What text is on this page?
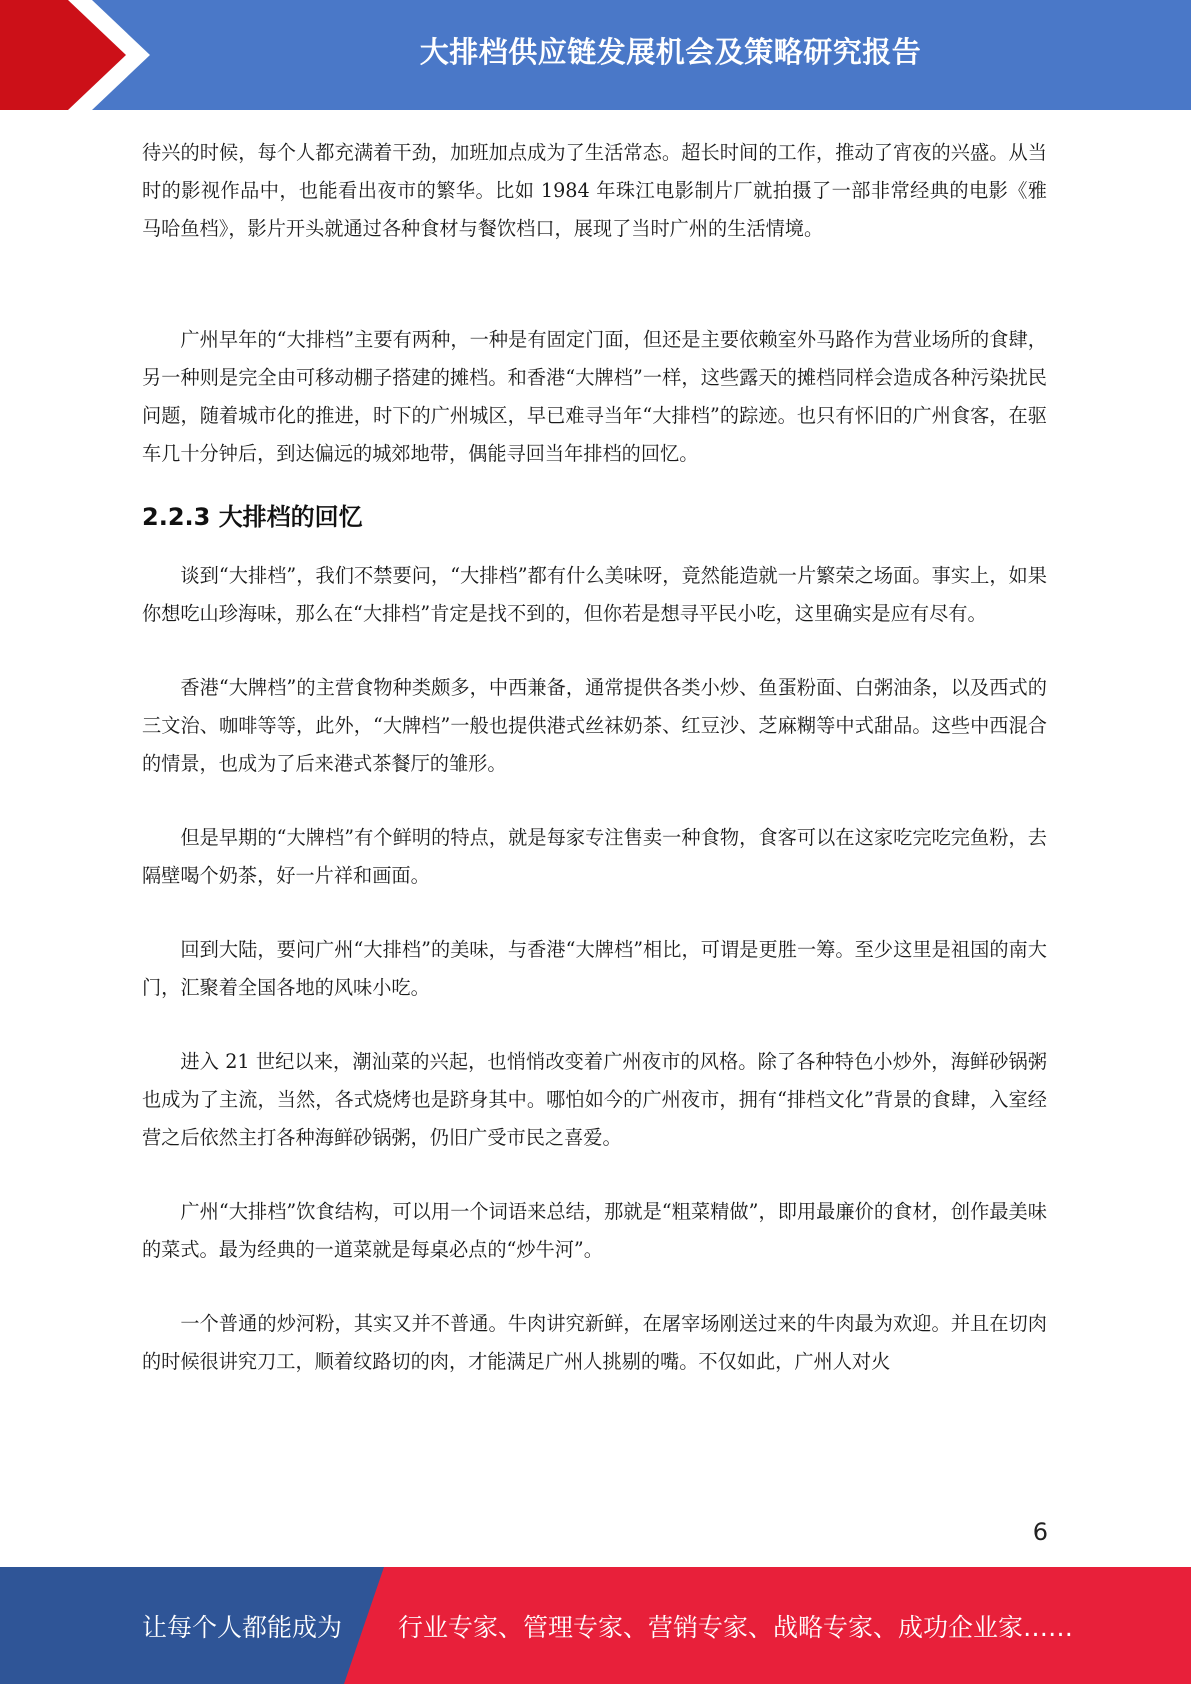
大排档供应链发展机会及策略研究报告

待兴的时候，每个人都充满着干劲，加班加点成为了生活常态。超长时间的工作，推动了宵夜的兴盛。从当时的影视作品中，也能看出夜市的繁华。比如 1984 年珠江电影制片厂就拍摄了一部非常经典的电影《雅马哈鱼档》，影片开头就通过各种食材与餐饮档口，展现了当时广州的生活情境。

广州早年的“大排档”主要有两种，一种是有固定门面，但还是主要依赖室外马路作为营业场所的食肆，另一种则是完全由可移动棚子搭建的摊档。和香港“大牌档”一样，这些露天的摊档同样会造成各种污染扰民问题，随着城市化的推进，时下的广州城区，早已难寻当年“大排档”的踪迹。也只有怀旧的广州食客，在驱车几十分钟后，到达偏远的城郊地带，偶能寻回当年排档的回忆。

2.2.3 大排档的回忆

谈到“大排档”，我们不禁要问，“大排档”都有什么美味呀，竟然能造就一片繁荣之场面。事实上，如果你想吃山珍海味，那么在“大排档”肯定是找不到的，但你若是想寻平民小吃，这里确实是应有尽有。

香港“大牌档”的主营食物种类颇多，中西兼备，通常提供各类小炒、鱼蛋粉面、白粥油条，以及西式的三文治、咖啡等等，此外，“大牌档”一般也提供港式丝袜奶茶、红豆沙、芝麻糊等中式甜品。这些中西混合的情景，也成为了后来港式茶餐厅的雏形。

但是早期的“大牌档”有个鲜明的特点，就是每家专注售卖一种食物，食客可以在这家吃完吃完鱼粉，去隔壁喝个奶茶，好一片祥和画面。

回到大陆，要问广州“大排档”的美味，与香港“大牌档”相比，可谓是更胜一筹。至少这里是祖国的南大门，汇聚着全国各地的风味小吃。

进入 21 世纪以来，潮汕菜的兴起，也悄悄改变着广州夜市的风格。除了各种特色小炒外，海鲜砂锅粥也成为了主流，当然，各式烧烤也是跻身其中。哪怕如今的广州夜市，拥有“排档文化”背景的食肆，入室经营之后依然主打各种海鲜砂锅粥，仍旧广受市民之喜爱。

广州“大排档”饮食结构，可以用一个词语来总结，那就是“粗菜精做”，即用最廉价的食材，创作最美味的菜式。最为经典的一道菜就是每桌必点的“炒牛河”。

一个普通的炒河粉，其实又并不普通。牛肉讲究新鲜，在屠宰场刚送过来的牛肉最为欢迎。并且在切肉的时候很讲究刀工，顺着纹路切的肉，才能满足广州人挑剔的嘴。不仅如此，广州人对火

6
让每个人都能成为 行业专家、管理专家、营销专家、战略专家、成功企业家……
